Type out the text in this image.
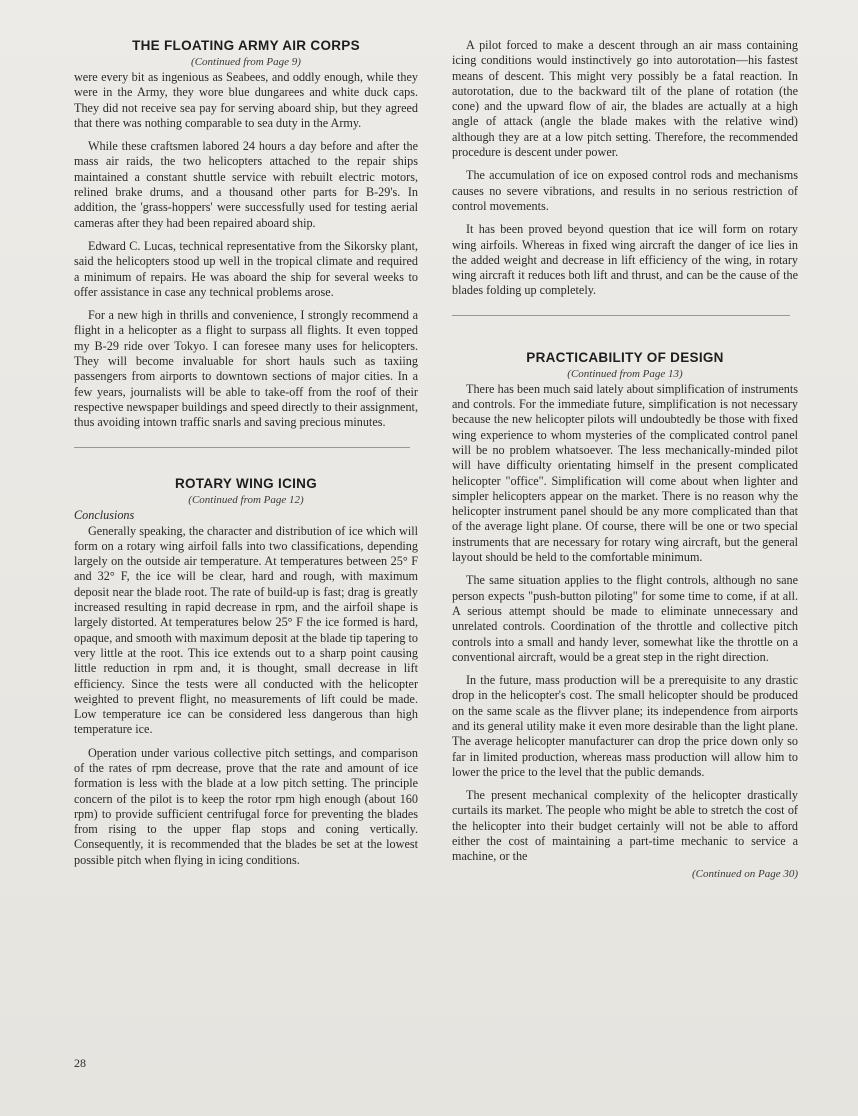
THE FLOATING ARMY AIR CORPS
(Continued from Page 9)

were every bit as ingenious as Seabees, and oddly enough, while they were in the Army, they wore blue dungarees and white duck caps. They did not receive sea pay for serving aboard ship, but they agreed that there was nothing comparable to sea duty in the Army.

While these craftsmen labored 24 hours a day before and after the mass air raids, the two helicopters attached to the repair ships maintained a constant shuttle service with rebuilt electric motors, relined brake drums, and a thousand other parts for B-29's. In addition, the 'grass-hoppers' were successfully used for testing aerial cameras after they had been repaired aboard ship.

Edward C. Lucas, technical representative from the Sikorsky plant, said the helicopters stood up well in the tropical climate and required a minimum of repairs. He was aboard the ship for several weeks to offer assistance in case any technical problems arose.

For a new high in thrills and convenience, I strongly recommend a flight in a helicopter as a flight to surpass all flights. It even topped my B-29 ride over Tokyo. I can foresee many uses for helicopters. They will become invaluable for short hauls such as taxiing passengers from airports to downtown sections of major cities. In a few years, journalists will be able to take-off from the roof of their respective newspaper buildings and speed directly to their assignment, thus avoiding intown traffic snarls and saving precious minutes.

ROTARY WING ICING
(Continued from Page 12)
Conclusions

Generally speaking, the character and distribution of ice which will form on a rotary wing airfoil falls into two classifications, depending largely on the outside air temperature. At temperatures between 25° F and 32° F, the ice will be clear, hard and rough, with maximum deposit near the blade root. The rate of build-up is fast; drag is greatly increased resulting in rapid decrease in rpm, and the airfoil shape is largely distorted. At temperatures below 25° F the ice formed is hard, opaque, and smooth with maximum deposit at the blade tip tapering to very little at the root. This ice extends out to a sharp point causing little reduction in rpm and, it is thought, small decrease in lift efficiency. Since the tests were all conducted with the helicopter weighted to prevent flight, no measurements of lift could be made. Low temperature ice can be considered less dangerous than high temperature ice.

Operation under various collective pitch settings, and comparison of the rates of rpm decrease, prove that the rate and amount of ice formation is less with the blade at a low pitch setting. The principle concern of the pilot is to keep the rotor rpm high enough (about 160 rpm) to provide sufficient centrifugal force for preventing the blades from rising to the upper flap stops and coning vertically. Consequently, it is recommended that the blades be set at the lowest possible pitch when flying in icing conditions.

28

A pilot forced to make a descent through an air mass containing icing conditions would instinctively go into autorotation—his fastest means of descent. This might very possibly be a fatal reaction. In autorotation, due to the backward tilt of the plane of rotation (the cone) and the upward flow of air, the blades are actually at a high angle of attack (angle the blade makes with the relative wind) although they are at a low pitch setting. Therefore, the recommended procedure is descent under power.

The accumulation of ice on exposed control rods and mechanisms causes no severe vibrations, and results in no serious restriction of control movements.

It has been proved beyond question that ice will form on rotary wing airfoils. Whereas in fixed wing aircraft the danger of ice lies in the added weight and decrease in lift efficiency of the wing, in rotary wing aircraft it reduces both lift and thrust, and can be the cause of the blades folding up completely.

PRACTICABILITY OF DESIGN
(Continued from Page 13)

There has been much said lately about simplification of instruments and controls. For the immediate future, simplification is not necessary because the new helicopter pilots will undoubtedly be those with fixed wing experience to whom mysteries of the complicated control panel will be no problem whatsoever. The less mechanically-minded pilot will have difficulty orientating himself in the present complicated helicopter "office". Simplification will come about when lighter and simpler helicopters appear on the market. There is no reason why the helicopter instrument panel should be any more complicated than that of the average light plane. Of course, there will be one or two special instruments that are necessary for rotary wing aircraft, but the general layout should be held to the comfortable minimum.

The same situation applies to the flight controls, although no sane person expects "push-button piloting" for some time to come, if at all. A serious attempt should be made to eliminate unnecessary and unrelated controls. Coordination of the throttle and collective pitch controls into a small and handy lever, somewhat like the throttle on a conventional aircraft, would be a great step in the right direction.

In the future, mass production will be a prerequisite to any drastic drop in the helicopter's cost. The small helicopter should be produced on the same scale as the flivver plane; its independence from airports and its general utility make it even more desirable than the light plane. The average helicopter manufacturer can drop the price down only so far in limited production, whereas mass production will allow him to lower the price to the level that the public demands.

The present mechanical complexity of the helicopter drastically curtails its market. The people who might be able to stretch the cost of the helicopter into their budget certainly will not be able to afford either the cost of maintaining a part-time mechanic to service a machine, or the

(Continued on Page 30)
